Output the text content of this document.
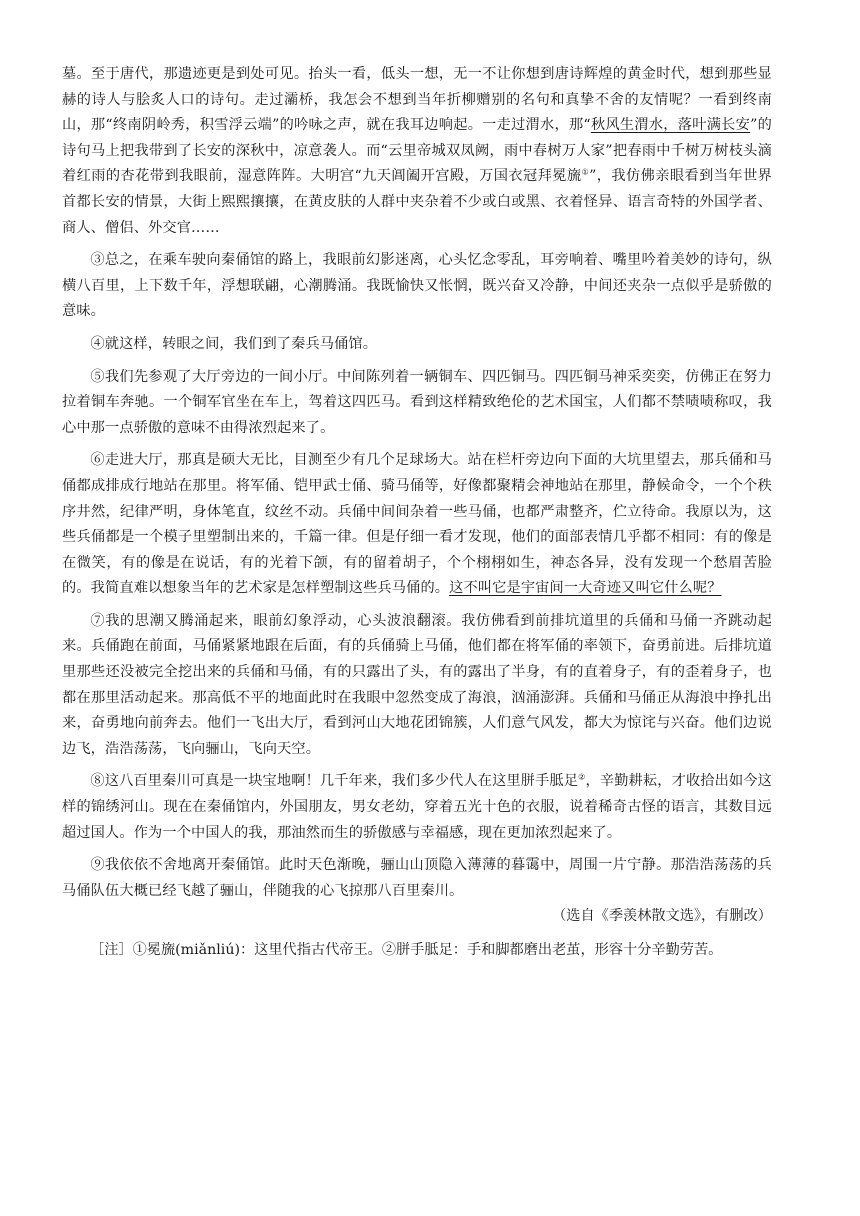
墓。至于唐代，那遗迹更是到处可见。抬头一看，低头一想，无一不让你想到唐诗辉煌的黄金时代，想到那些显赫的诗人与脍炙人口的诗句。走过灞桥，我怎会不想到当年折柳赠别的名句和真挚不舍的友情呢？一看到终南山，那“终南阴岭秀，积雪浮云端”的吟咏之声，就在我耳边响起。一走过渭水，那“秋风生渭水，落叶满长安”的诗句马上把我带到了长安的深秋中，凉意袭人。而“云里帝城双凤阙，雨中春树万人家”把春雨中千树万树枝头滴着红雨的杏花带到我眼前，湿意阵阵。大明宫“九天阊阖开宫殿，万国衣冠拜冕旒①”，我仿佛亲眼看到当年世界首都长安的情景，大街上熙熙攘攘，在黄皮肤的人群中夹杂着不少或白或黑、衣着怪异、语言奇特的外国学者、商人、僧侣、外交官……

③总之，在乘车驶向秦俑馆的路上，我眼前幻影迷离，心头忆念零乱，耳旁响着、嘴里吟着美妙的诗句，纵横八百里，上下数千年，浮想联翩，心潮腾涌。我既愉快又怅惘，既兴奋又冷静，中间还夹杂一点似乎是骄傲的意味。

④就这样，转眼之间，我们到了秦兵马俑馆。

⑤我们先参观了大厅旁边的一间小厅。中间陈列着一辆铜车、四匹铜马。四匹铜马神采奕奕，仿佛正在努力拉着铜车奔驰。一个铜军官坐在车上，驾着这四匹马。看到这样精致绝伦的艺术国宝，人们都不禁啧啧称叹，我心中那一点骄傲的意味不由得浓烈起来了。

⑥走进大厅，那真是硕大无比，目测至少有几个足球场大。站在栏杆旁边向下面的大坑里望去，那兵俑和马俑都成排成行地站在那里。将军俑、铠甲武士俑、骑马俑等，好像都聚精会神地站在那里，静候命令，一个个秩序井然，纪律严明，身体笔直，纹丝不动。兵俑中间间杂着一些马俑，也都严肃整齐，伫立待命。我原以为，这些兵俑都是一个模子里塑制出来的，千篇一律。但是仔细一看才发现，他们的面部表情几乎都不相同：有的像是在微笑，有的像是在说话，有的光着下颌，有的留着胡子，个个栩栩如生，神态各异，没有发现一个愁眉苦脸的。我简直难以想象当年的艺术家是怎样塑制这些兵马俑的。这不叫它是宇宙间一大奇迹又叫它什么呢？

⑦我的思潮又腾涌起来，眼前幻象浮动，心头波浪翻滚。我仿佛看到前排坑道里的兵俑和马俑一齐跳动起来。兵俑跑在前面，马俑紧紧地跟在后面，有的兵俑骑上马俑，他们都在将军俑的率领下，奋勇前进。后排坑道里那些还没被完全挖出来的兵俑和马俑，有的只露出了头，有的露出了半身，有的直着身子，有的歪着身子，也都在那里活动起来。那高低不平的地面此时在我眼中忽然变成了海浪，汹涌澎湃。兵俑和马俑正从海浪中挣扎出来，奋勇地向前奔去。他们一飞出大厅，看到河山大地花团锦簇，人们意气风发，都大为惊诧与兴奋。他们边说边飞，浩浩荡荡，飞向骊山，飞向天空。

⑧这八百里秦川可真是一块宝地啊！几千年来，我们多少代人在这里胼手胝足②，辛勤耕耘，才收拾出如今这样的锦绣河山。现在在秦俑馆内，外国朋友，男女老幼，穿着五光十色的衣服，说着稀奇古怪的语言，其数目远超过国人。作为一个中国人的我，那油然而生的骄傲感与幸福感，现在更加浓烈起来了。

⑨我依依不舍地离开秦俑馆。此时天色渐晚，骊山山顶隐入薄薄的暮霭中，周围一片宁静。那浩浩荡荡的兵马俑队伍大概已经飞越了骊山，伴随我的心飞掠那八百里秦川。

（选自《季羡林散文选》，有删改）

［注］①冕旒(miǎnliú)：这里代指古代帝王。②胼手胝足：手和脚都磨出老茧，形容十分辛勤劳苦。
